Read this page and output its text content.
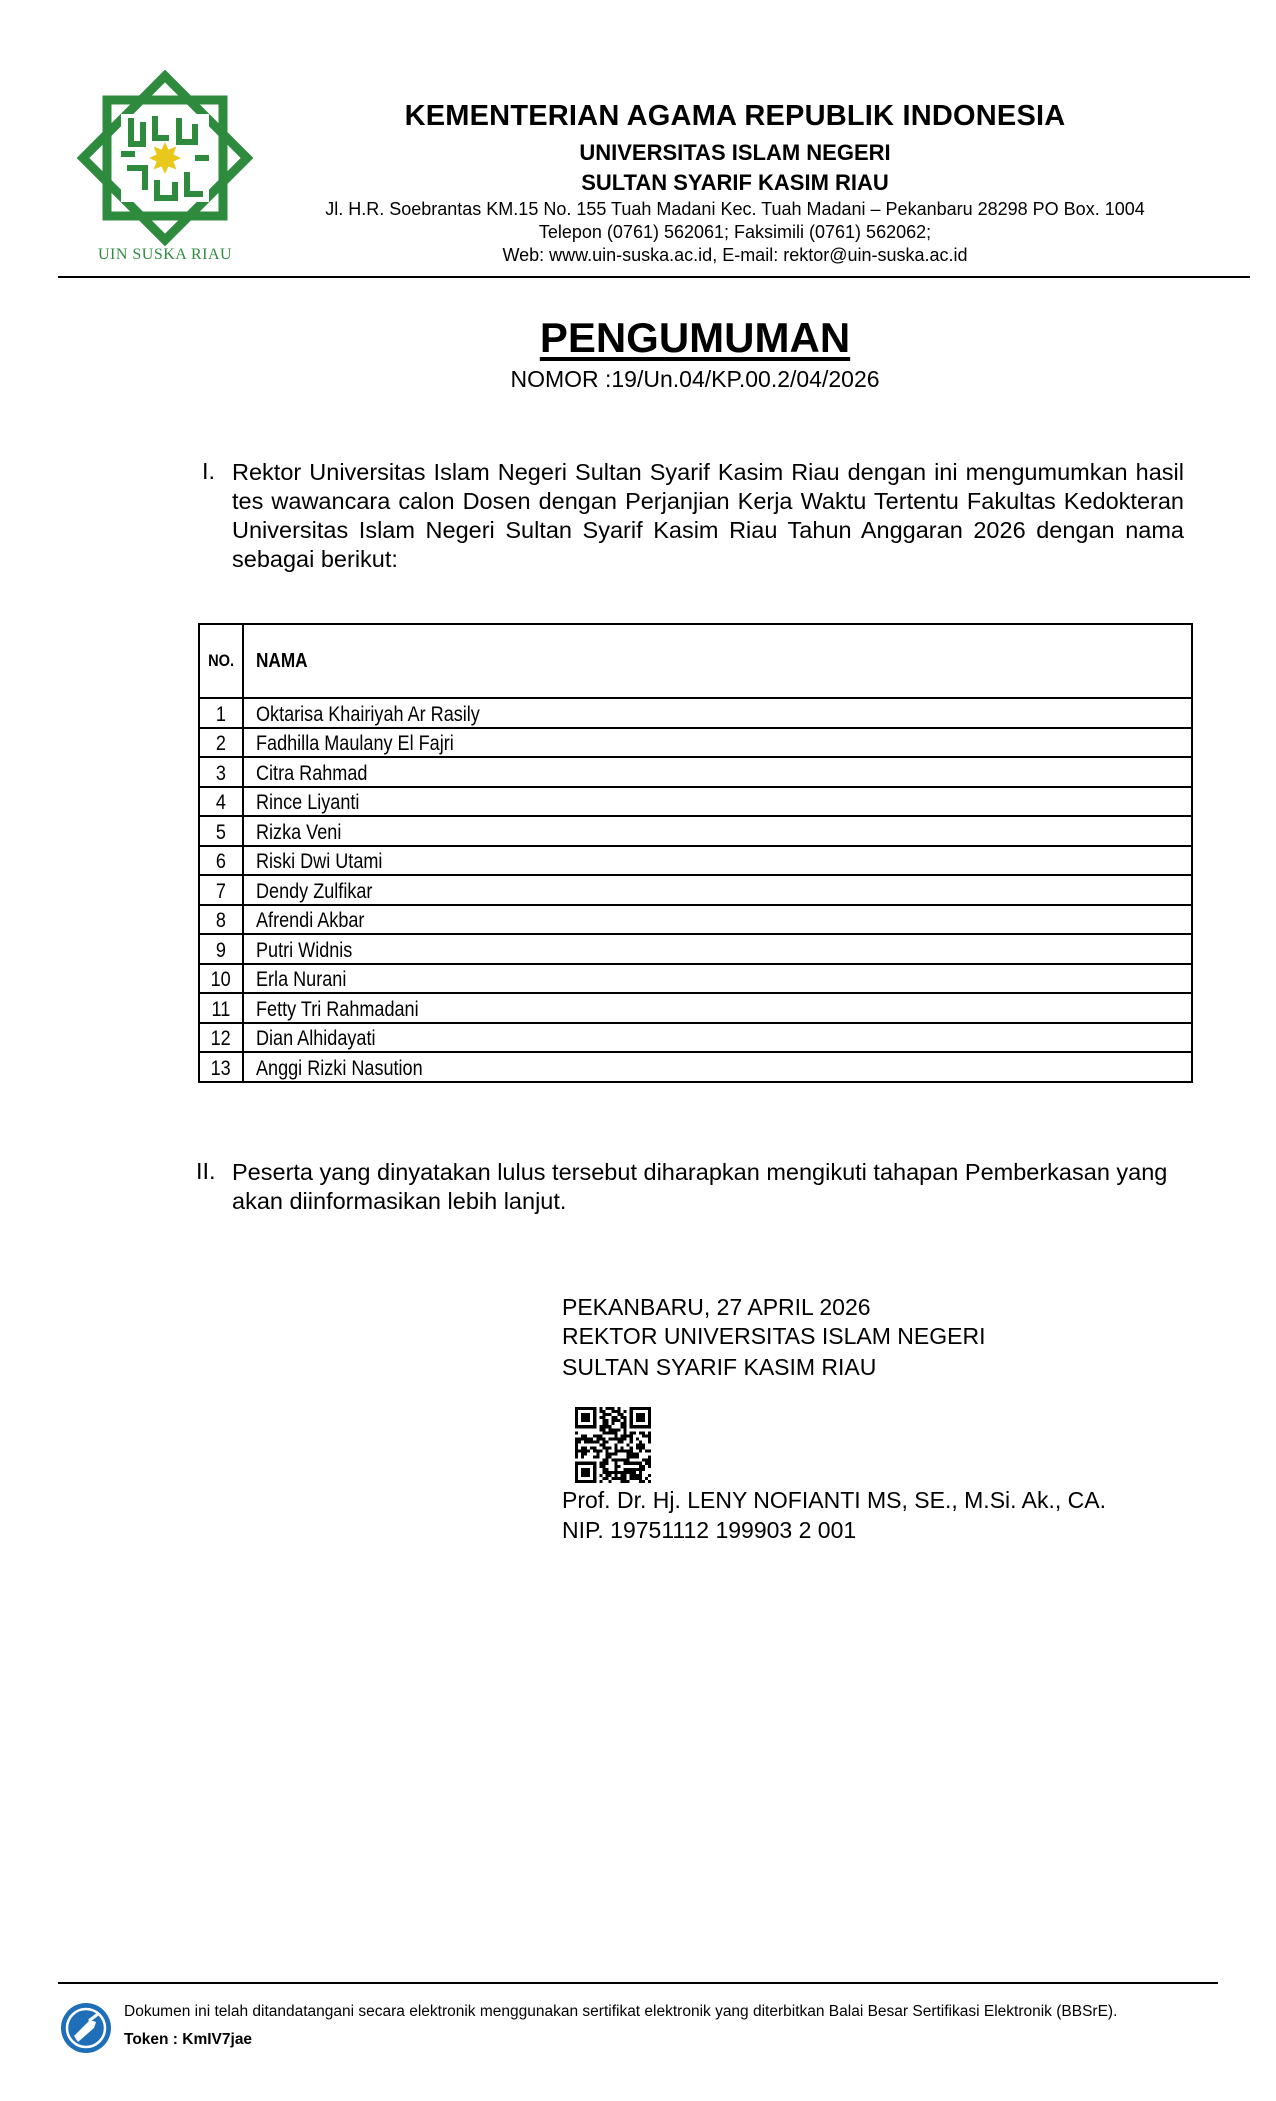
UIN SUSKA RIAU
KEMENTERIAN AGAMA REPUBLIK INDONESIA
UNIVERSITAS ISLAM NEGERI
SULTAN SYARIF KASIM RIAU
Jl. H.R. Soebrantas KM.15 No. 155 Tuah Madani Kec. Tuah Madani – Pekanbaru 28298 PO Box. 1004
Telepon (0761) 562061; Faksimili (0761) 562062;
Web: www.uin-suska.ac.id, E-mail: rektor@uin-suska.ac.id
PENGUMUMAN
NOMOR :19/Un.04/KP.00.2/04/2026
I. Rektor Universitas Islam Negeri Sultan Syarif Kasim Riau dengan ini mengumumkan hasil tes wawancara calon Dosen dengan Perjanjian Kerja Waktu Tertentu Fakultas Kedokteran Universitas Islam Negeri Sultan Syarif Kasim Riau Tahun Anggaran 2026 dengan nama sebagai berikut:
NO.	NAMA
1	Oktarisa Khairiyah Ar Rasily
2	Fadhilla Maulany El Fajri
3	Citra Rahmad
4	Rince Liyanti
5	Rizka Veni
6	Riski Dwi Utami
7	Dendy Zulfikar
8	Afrendi Akbar
9	Putri Widnis
10	Erla Nurani
11	Fetty Tri Rahmadani
12	Dian Alhidayati
13	Anggi Rizki Nasution
II. Peserta yang dinyatakan lulus tersebut diharapkan mengikuti tahapan Pemberkasan yang akan diinformasikan lebih lanjut.
PEKANBARU, 27 APRIL 2026
REKTOR UNIVERSITAS ISLAM NEGERI
SULTAN SYARIF KASIM RIAU
Prof. Dr. Hj. LENY NOFIANTI MS, SE., M.Si. Ak., CA.
NIP. 19751112 199903 2 001
Dokumen ini telah ditandatangani secara elektronik menggunakan sertifikat elektronik yang diterbitkan Balai Besar Sertifikasi Elektronik (BBSrE).
Token : KmIV7jae
